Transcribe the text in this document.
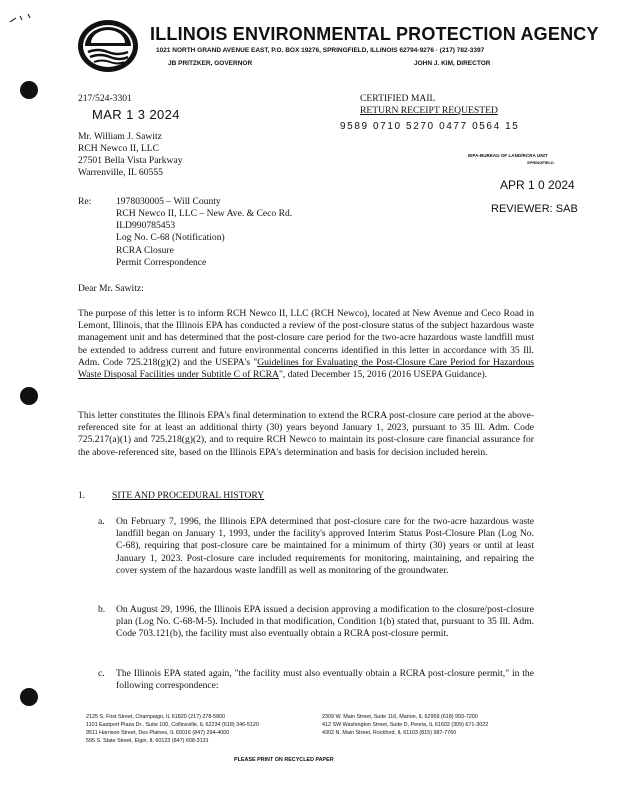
ILLINOIS ENVIRONMENTAL PROTECTION AGENCY
1021 NORTH GRAND AVENUE EAST, P.O. BOX 19276, SPRINGFIELD, ILLINOIS 62794-9276 · (217) 782-3397
JB PRITZKER, GOVERNOR	JOHN J. KIM, DIRECTOR
217/524-3301
MAR 1 3 2024
CERTIFIED MAIL
RETURN RECEIPT REQUESTED
9589 0710 5270 0477 0564 15
Mr. William J. Sawitz
RCH Newco II, LLC
27501 Bella Vista Parkway
Warrenville, IL 60555
IEPA-BUREAU OF LAND/RCRA UNIT
SPRINGFIELD
APR 1 0 2024
REVIEWER: SAB
Re:	1978030005 – Will County
RCH Newco II, LLC – New Ave. & Ceco Rd.
ILD990785453
Log No. C-68 (Notification)
RCRA Closure
Permit Correspondence
Dear Mr. Sawitz:
The purpose of this letter is to inform RCH Newco II, LLC (RCH Newco), located at New Avenue and Ceco Road in Lemont, Illinois, that the Illinois EPA has conducted a review of the post-closure status of the subject hazardous waste management unit and has determined that the post-closure care period for the two-acre hazardous waste landfill must be extended to address current and future environmental concerns identified in this letter in accordance with 35 Ill. Adm. Code 725.218(g)(2) and the USEPA's "Guidelines for Evaluating the Post-Closure Care Period for Hazardous Waste Disposal Facilities under Subtitle C of RCRA", dated December 15, 2016 (2016 USEPA Guidance).
This letter constitutes the Illinois EPA's final determination to extend the RCRA post-closure care period at the above-referenced site for at least an additional thirty (30) years beyond January 1, 2023, pursuant to 35 Ill. Adm. Code 725.217(a)(1) and 725.218(g)(2), and to require RCH Newco to maintain its post-closure care financial assurance for the above-referenced site, based on the Illinois EPA's determination and basis for decision included herein.
1.	SITE AND PROCEDURAL HISTORY
a. On February 7, 1996, the Illinois EPA determined that post-closure care for the two-acre hazardous waste landfill began on January 1, 1993, under the facility's approved Interim Status Post-Closure Plan (Log No. C-68), requiring that post-closure care be maintained for a minimum of thirty (30) years or until at least January 1, 2023. Post-closure care included requirements for monitoring, maintaining, and repairing the cover system of the hazardous waste landfill as well as monitoring of the groundwater.
b. On August 29, 1996, the Illinois EPA issued a decision approving a modification to the closure/post-closure plan (Log No. C-68-M-5). Included in that modification, Condition 1(b) stated that, pursuant to 35 Ill. Adm. Code 703.121(b), the facility must also eventually obtain a RCRA post-closure permit.
c. The Illinois EPA stated again, "the facility must also eventually obtain a RCRA post-closure permit," in the following correspondence:
2125 S. First Street, Champaign, IL 61820 (217) 278-5800
1101 Eastport Plaza Dr., Suite 100, Collinsville, IL 62234 (618) 346-5120
9511 Harrison Street, Des Plaines, IL 60016 (847) 294-4000
595 S. State Street, Elgin, IL 60123 (847) 608-3131
2309 W. Main Street, Suite 116, Marion, IL 62959 (618) 993-7200
412 SW Washington Street, Suite D, Peoria, IL 61602 (309) 671-3022
4302 N. Main Street, Rockford, IL 61103 (815) 987-7760
PLEASE PRINT ON RECYCLED PAPER
